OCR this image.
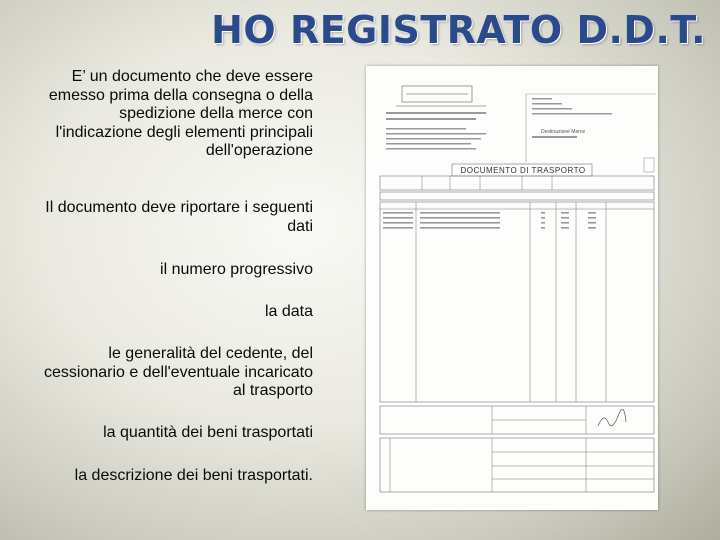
HO REGISTRATO D.D.T.

E’ un documento che deve essere emesso prima della consegna o della spedizione della merce con l'indicazione degli elementi principali dell'operazione

Il documento deve riportare i seguenti dati

il numero progressivo

la data

le generalità del cedente, del cessionario e dell'eventuale incaricato al trasporto

la quantità dei beni trasportati

la descrizione dei beni trasportati.

Destinazione Merce
DOCUMENTO DI TRASPORTO
